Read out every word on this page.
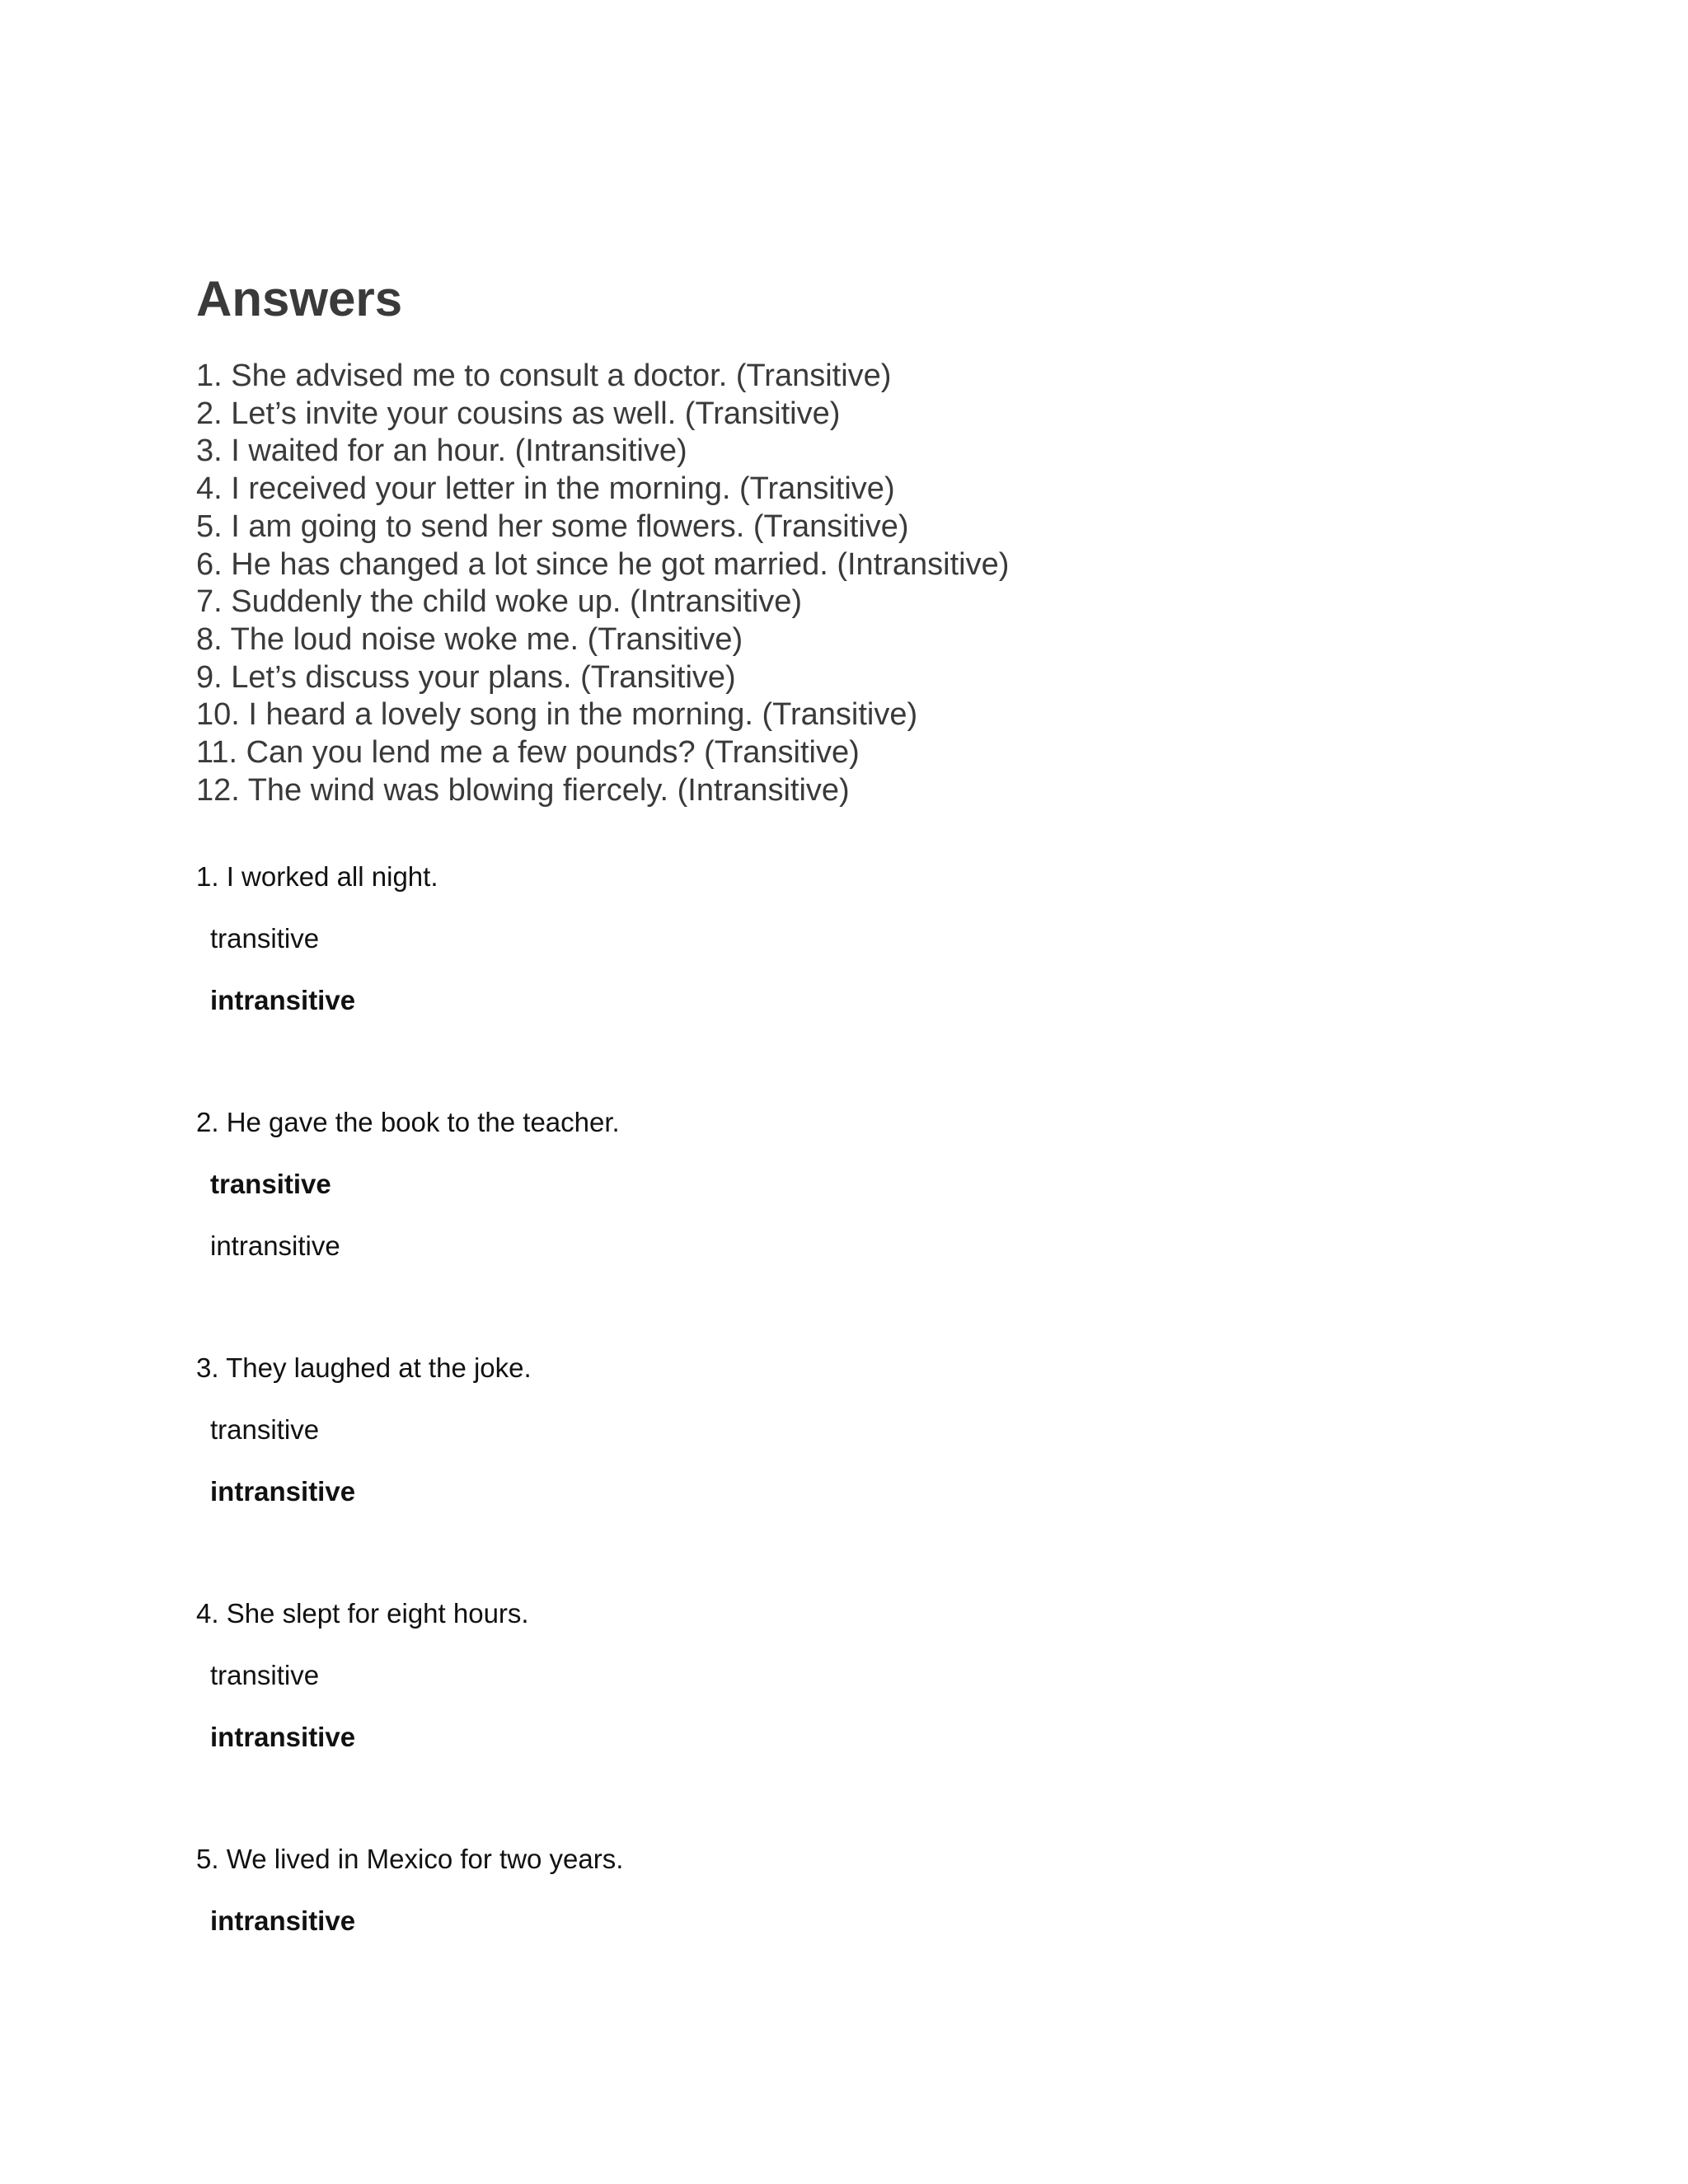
Answers
1. She advised me to consult a doctor. (Transitive)
2. Let’s invite your cousins as well. (Transitive)
3. I waited for an hour. (Intransitive)
4. I received your letter in the morning. (Transitive)
5. I am going to send her some flowers. (Transitive)
6. He has changed a lot since he got married. (Intransitive)
7. Suddenly the child woke up. (Intransitive)
8. The loud noise woke me. (Transitive)
9. Let’s discuss your plans. (Transitive)
10. I heard a lovely song in the morning. (Transitive)
11. Can you lend me a few pounds? (Transitive)
12. The wind was blowing fiercely. (Intransitive)
1. I worked all night.
transitive
intransitive
2. He gave the book to the teacher.
transitive
intransitive
3. They laughed at the joke.
transitive
intransitive
4. She slept for eight hours.
transitive
intransitive
5. We lived in Mexico for two years.
intransitive
